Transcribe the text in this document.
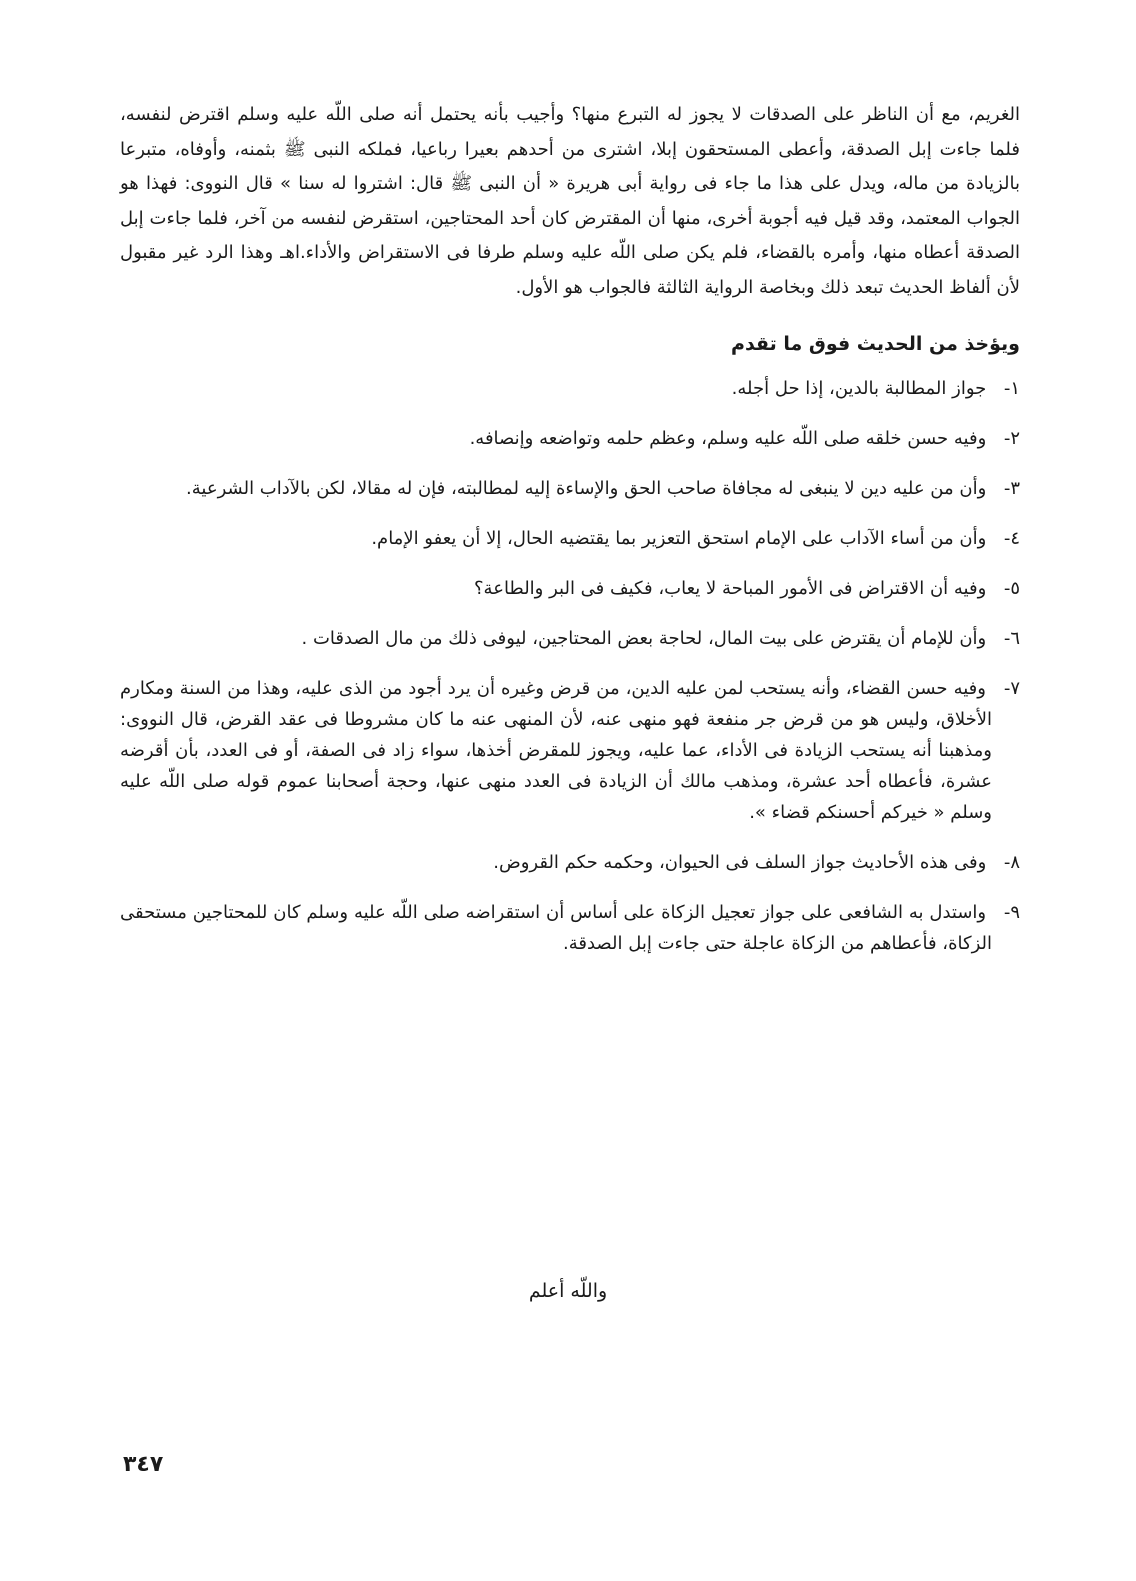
الغريم، مع أن الناظر على الصدقات لا يجوز له التبرع منها؟ وأجيب بأنه يحتمل أنه صلى اللّه عليه وسلم اقترض لنفسه، فلما جاءت إبل الصدقة، وأعطى المستحقون إبلا، اشترى من أحدهم بعيرا رباعيا، فملكه النبى ﷺ بثمنه، وأوفاه، متبرعا بالزيادة من ماله، ويدل على هذا ما جاء فى رواية أبى هريرة « أن النبى ﷺ قال: اشتروا له سنا » قال النووى: فهذا هو الجواب المعتمد، وقد قيل فيه أجوبة أخرى، منها أن المقترض كان أحد المحتاجين، استقرض لنفسه من آخر، فلما جاءت إبل الصدقة أعطاه منها، وأمره بالقضاء، فلم يكن صلى اللّه عليه وسلم طرفا فى الاستقراض والأداء.اهـ وهذا الرد غير مقبول لأن ألفاظ الحديث تبعد ذلك وبخاصة الرواية الثالثة فالجواب هو الأول.

ويؤخذ من الحديث فوق ما تقدم
١- جواز المطالبة بالدين، إذا حل أجله.
٢- وفيه حسن خلقه صلى اللّه عليه وسلم، وعظم حلمه وتواضعه وإنصافه.
٣- وأن من عليه دين لا ينبغى له مجافاة صاحب الحق والإساءة إليه لمطالبته، فإن له مقالا، لكن بالآداب الشرعية.
٤- وأن من أساء الآداب على الإمام استحق التعزير بما يقتضيه الحال، إلا أن يعفو الإمام.
٥- وفيه أن الاقتراض فى الأمور المباحة لا يعاب، فكيف فى البر والطاعة؟
٦- وأن للإمام أن يقترض على بيت المال، لحاجة بعض المحتاجين، ليوفى ذلك من مال الصدقات .
٧- وفيه حسن القضاء، وأنه يستحب لمن عليه الدين، من قرض وغيره أن يرد أجود من الذى عليه، وهذا من السنة ومكارم الأخلاق، وليس هو من قرض جر منفعة فهو منهى عنه، لأن المنهى عنه ما كان مشروطا فى عقد القرض، قال النووى: ومذهبنا أنه يستحب الزيادة فى الأداء، عما عليه، ويجوز للمقرض أخذها، سواء زاد فى الصفة، أو فى العدد، بأن أقرضه عشرة، فأعطاه أحد عشرة، ومذهب مالك أن الزيادة فى العدد منهى عنها، وحجة أصحابنا عموم قوله صلى اللّه عليه وسلم « خيركم أحسنكم قضاء ».
٨- وفى هذه الأحاديث جواز السلف فى الحيوان، وحكمه حكم القروض.
٩- واستدل به الشافعى على جواز تعجيل الزكاة على أساس أن استقراضه صلى اللّه عليه وسلم كان للمحتاجين مستحقى الزكاة، فأعطاهم من الزكاة عاجلة حتى جاءت إبل الصدقة.
واللّه أعلم
٣٤٧
